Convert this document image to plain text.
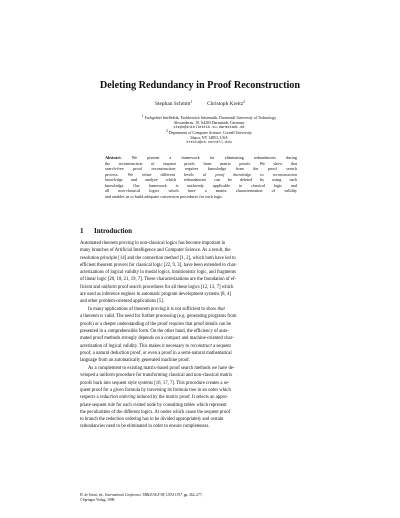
Deleting Redundancy in Proof Reconstruction
Stephan Schmitt$^1$	Christoph Kreitz$^2$
$^1$ Fachgebiet Intellektik, Fachbereich Informatik, Darmstadt University of Technology
Alexanderstr. 10, 64283 Darmstadt, Germany
steph@intellektik.tu-darmstadt.de
$^2$ Department of Computer Science, Cornell University
Ithaca, NY 14853, USA
kreitz@cs.cornell.edu
Abstract. We present a framework for eliminating redundancies during
the reconstruction of sequent proofs from matrix proofs. We show that
search-free proof reconstruction requires knowledge from the proof search
process. We relate different levels of proof knowledge to reconstruction
knowledge and analyze which redundancies can be deleted by using such
knowledge. Our framework is uniformly applicable to classical logic and
all non-classical logics which have a matrix characterization of validity
and enables us to build adequate conversion procedures for each logic.
1 Introduction
Automated theorem proving in non-classical logics has become important in
many branches of Artificial Intelligence and Computer Science. As a result, the
resolution principle [14] and the connection method [1, 2], which both have led to
efficient theorem provers for classical logic [22, 9, 3], have been extended to char-
acterizations of logical validity in modal logics, intuitionistic logic, and fragments
of linear logic [20, 10, 21, 19, 7]. These characterizations are the foundation of ef-
ficient and uniform proof search procedures for all these logics [12, 13, 7] which
are used as inference engines in automatic program development systems [8, 4]
and other problem-oriented applications [5].
In many applications of theorem proving it is not sufficient to show that
a theorem is valid. The need for further processing (e.g. generating programs from
proofs) or a deeper understanding of the proof requires that proof details can be
presented in a comprehensible form. On the other hand, the efficiency of auto-
mated proof methods strongly depends on a compact and machine-oriented char-
acterization of logical validity. This makes it necessary to reconstruct a sequent
proof, a natural deduction proof, or even a proof in a semi-natural mathematical
language from an automatically generated machine proof.
As a complement to existing matrix-based proof search methods we have de-
veloped a uniform procedure for transforming classical and non-classical matrix
proofs back into sequent style systems [16, 17, 7]. This procedure creates a se-
quent proof for a given formula by traversing its formula tree in an order which
respects a reduction ordering induced by the matrix proof. It selects an appro-
priate sequent rule for each visited node by consulting tables which represent
the peculiarities of the different logics. At nodes which cause the sequent proof
to branch the reduction ordering has to be divided appropriately and certain
redundancies need to be eliminated in order to ensure completeness.
H. de Swart, ed., International Conference TABLEAUX-98, LNAI 1397, pp. 262–277,
©Springer Verlag, 1998.
